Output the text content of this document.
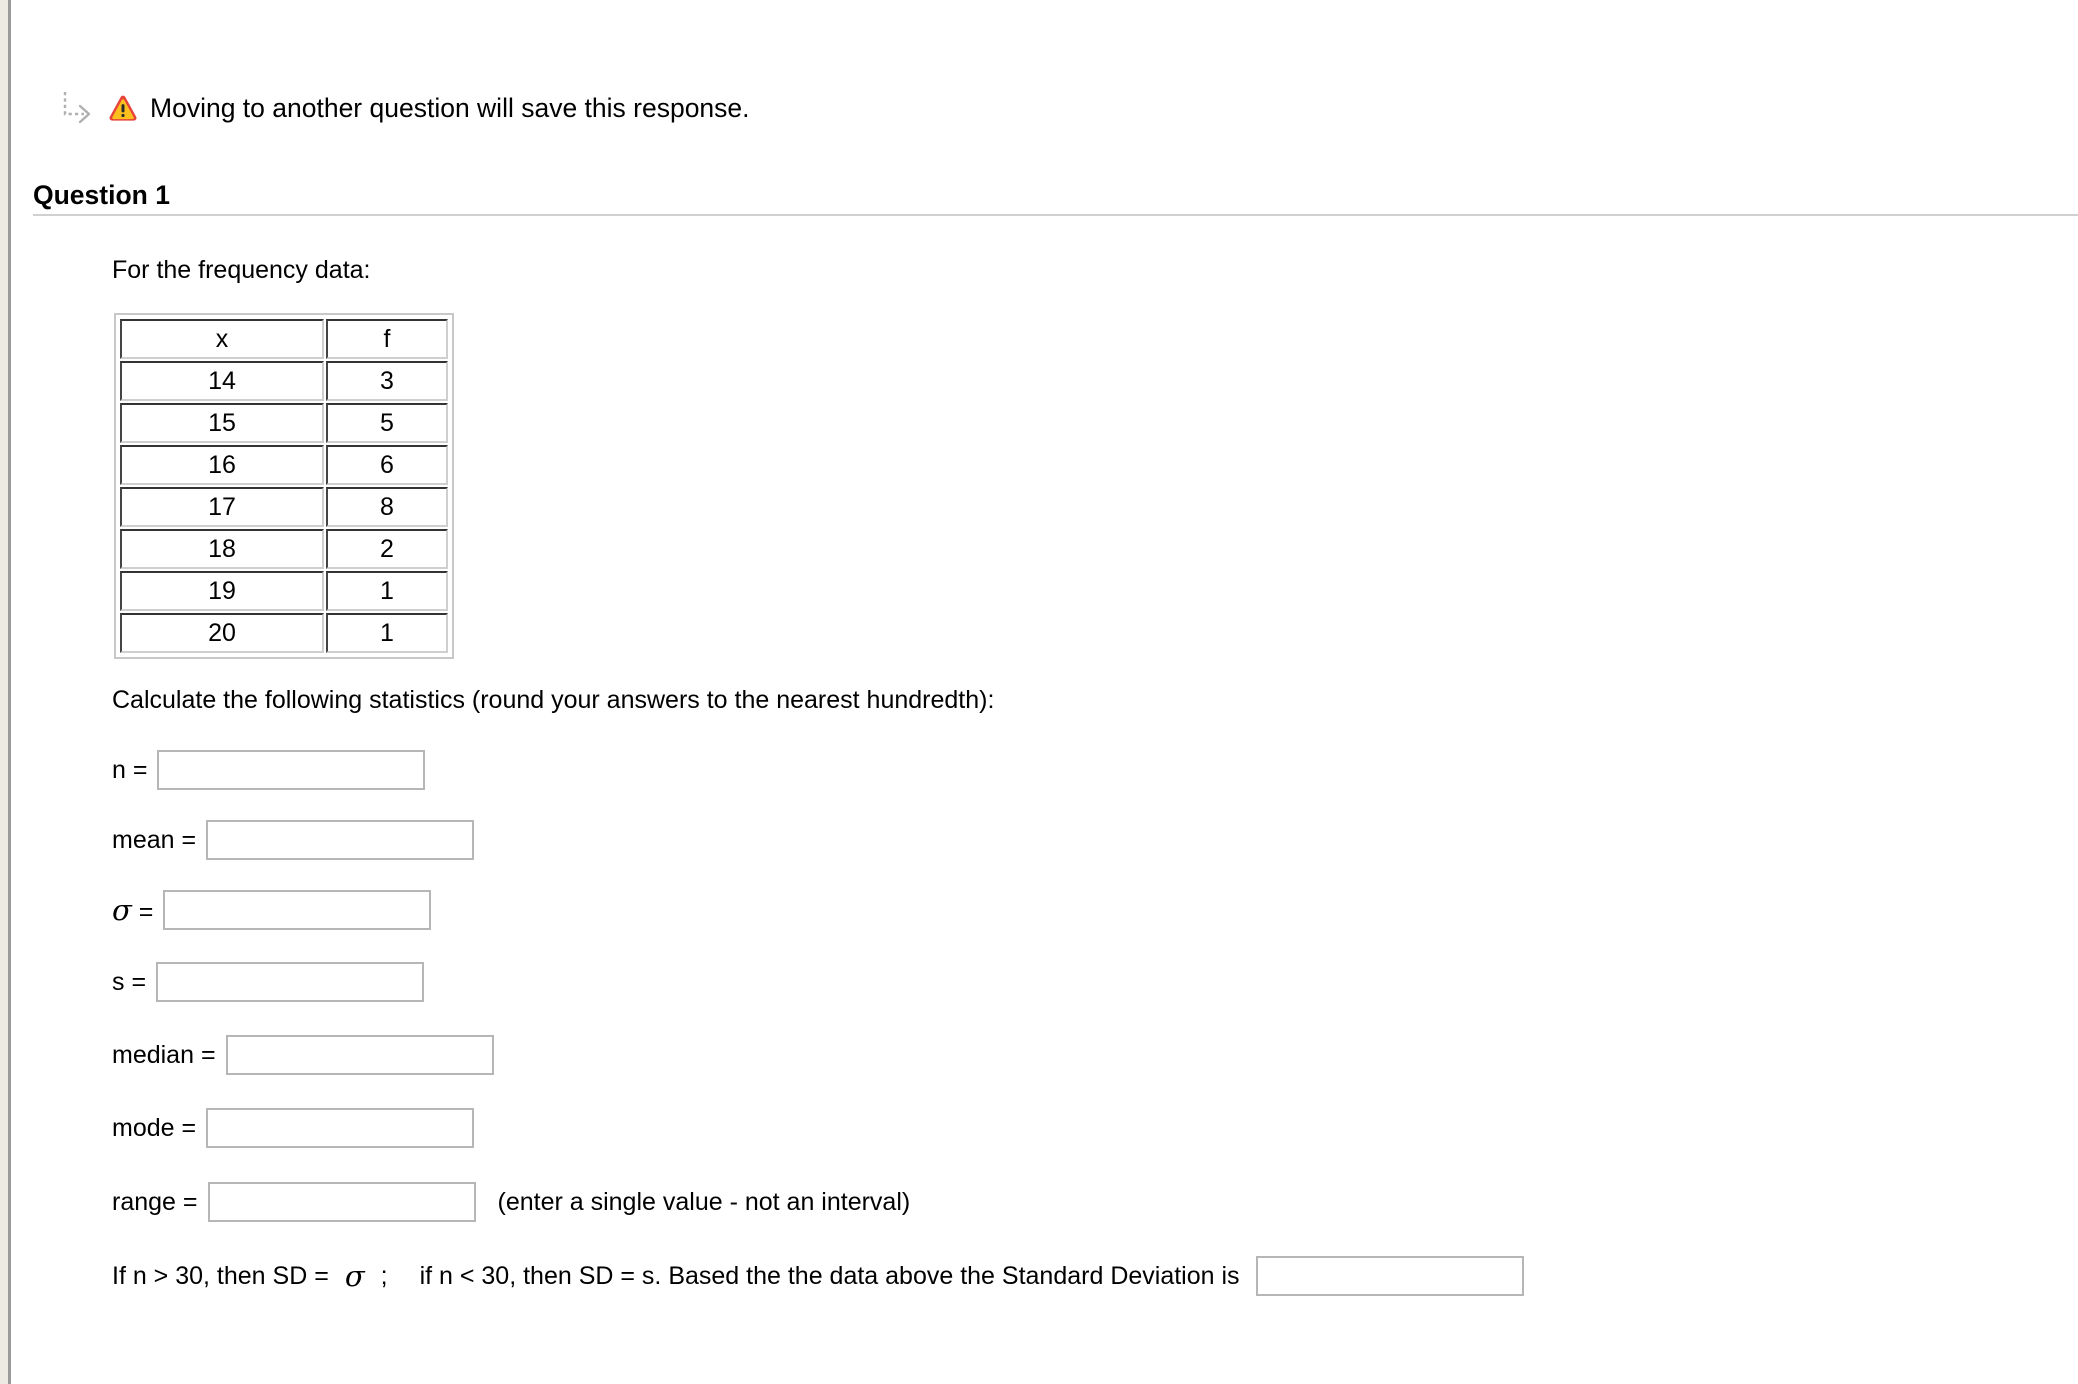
Moving to another question will save this response.
Question 1
For the frequency data:
x	f
14	3
15	5
16	6
17	8
18	2
19	1
20	1
Calculate the following statistics (round your answers to the nearest hundredth):
n =
mean =
σ =
s =
median =
mode =
range =	(enter a single value - not an interval)
If n > 30, then SD = σ ; if n < 30, then SD = s. Based the the data above the Standard Deviation is
